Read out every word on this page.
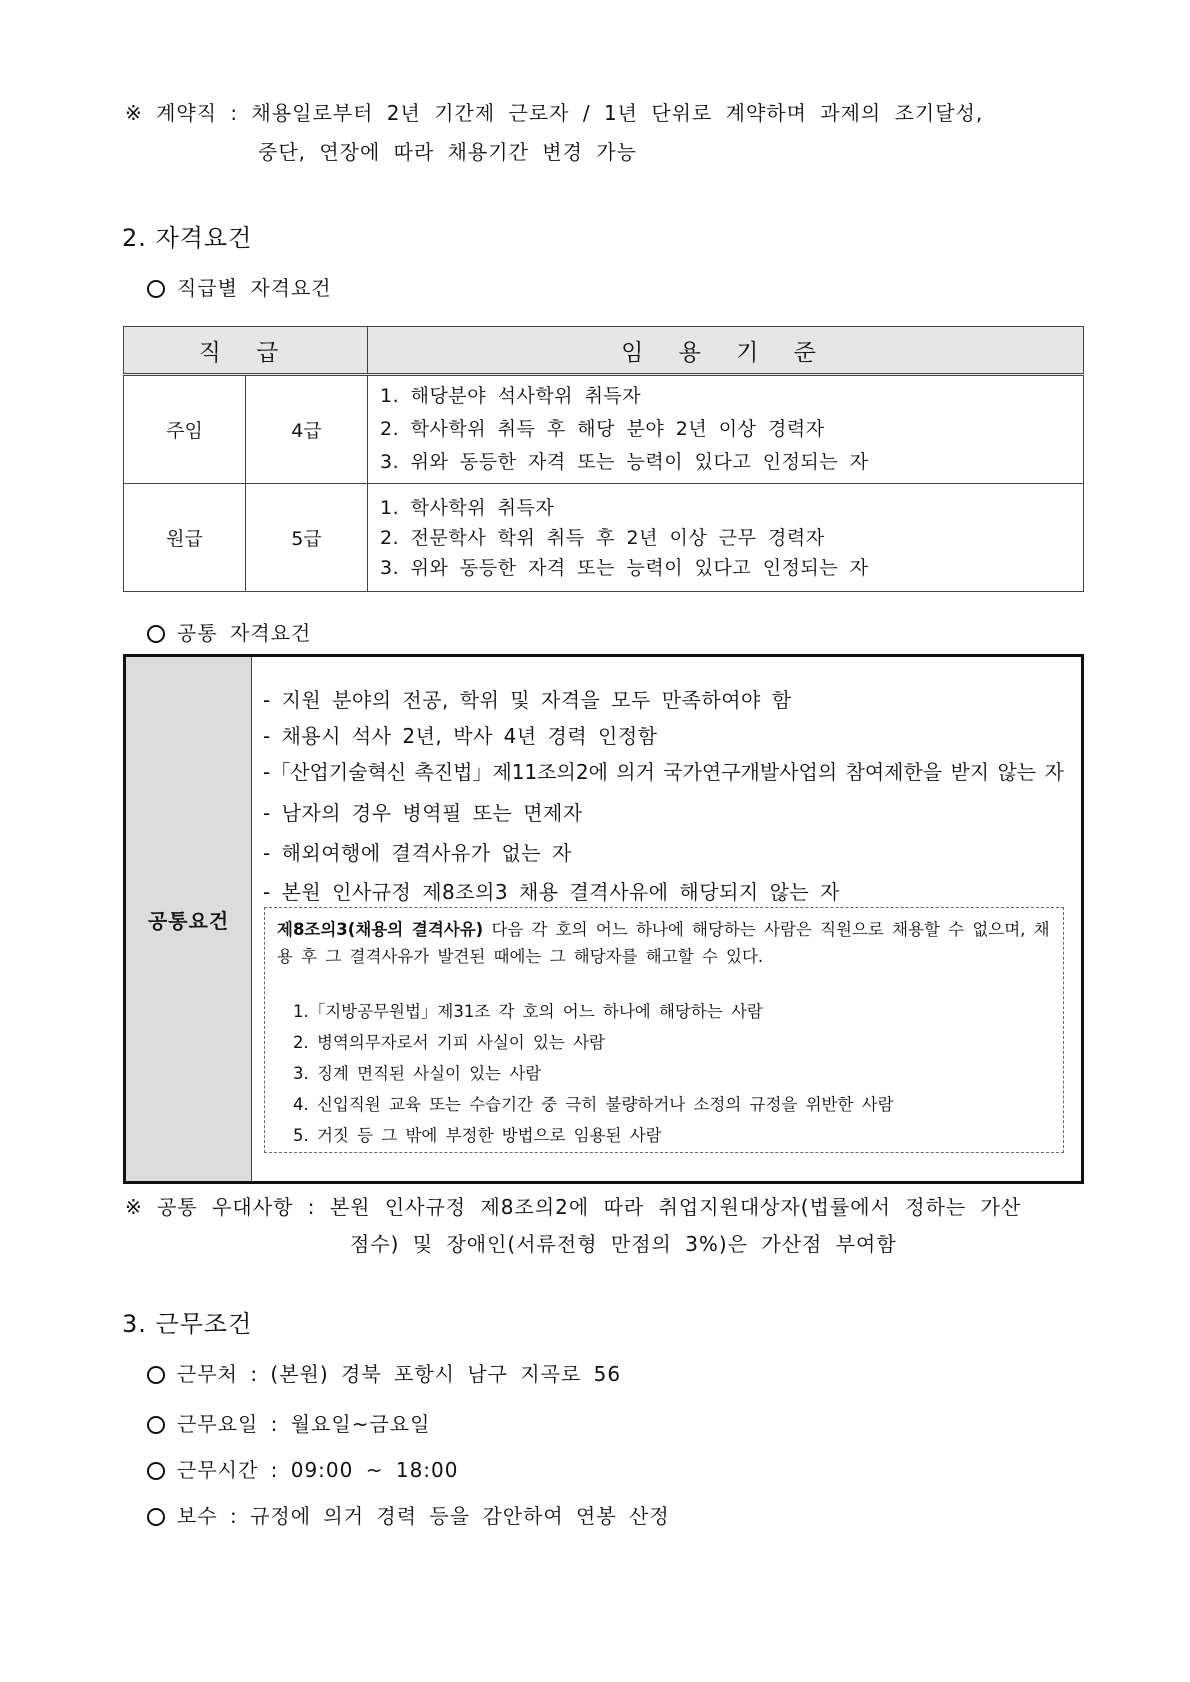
※ 계약직 : 채용일로부터 2년 기간제 근로자 / 1년 단위로 계약하며 과제의 조기달성,
중단, 연장에 따라 채용기간 변경 가능
2. 자격요건
직급별 자격요건
직 급		임 용 기 준
주임	4급	1. 해당분야 석사학위 취득자
2. 학사학위 취득 후 해당 분야 2년 이상 경력자
3. 위와 동등한 자격 또는 능력이 있다고 인정되는 자

원급	5급	1. 학사학위 취득자
2. 전문학사 학위 취득 후 2년 이상 근무 경력자
3. 위와 동등한 자격 또는 능력이 있다고 인정되는 자
공통 자격요건
공통요건
- 지원 분야의 전공, 학위 및 자격을 모두 만족하여야 함
- 채용시 석사 2년, 박사 4년 경력 인정함
-「산업기술혁신 촉진법」제11조의2에 의거 국가연구개발사업의 참여제한을 받지 않는 자
- 남자의 경우 병역필 또는 면제자
- 해외여행에 결격사유가 없는 자
- 본원 인사규정 제8조의3 채용 결격사유에 해당되지 않는 자
제8조의3(채용의 결격사유) 다음 각 호의 어느 하나에 해당하는 사람은 직원으로 채용할 수 없으며, 채용 후 그 결격사유가 발견된 때에는 그 해당자를 해고할 수 있다.
1.「지방공무원법」제31조 각 호의 어느 하나에 해당하는 사람
2. 병역의무자로서 기피 사실이 있는 사람
3. 징계 면직된 사실이 있는 사람
4. 신입직원 교육 또는 수습기간 중 극히 불량하거나 소정의 규정을 위반한 사람
5. 거짓 등 그 밖에 부정한 방법으로 임용된 사람
※ 공통 우대사항 : 본원 인사규정 제8조의2에 따라 취업지원대상자(법률에서 정하는 가산
점수) 및 장애인(서류전형 만점의 3%)은 가산점 부여함
3. 근무조건
근무처 : (본원) 경북 포항시 남구 지곡로 56
근무요일 : 월요일~금요일
근무시간 : 09:00 ~ 18:00
보수 : 규정에 의거 경력 등을 감안하여 연봉 산정
